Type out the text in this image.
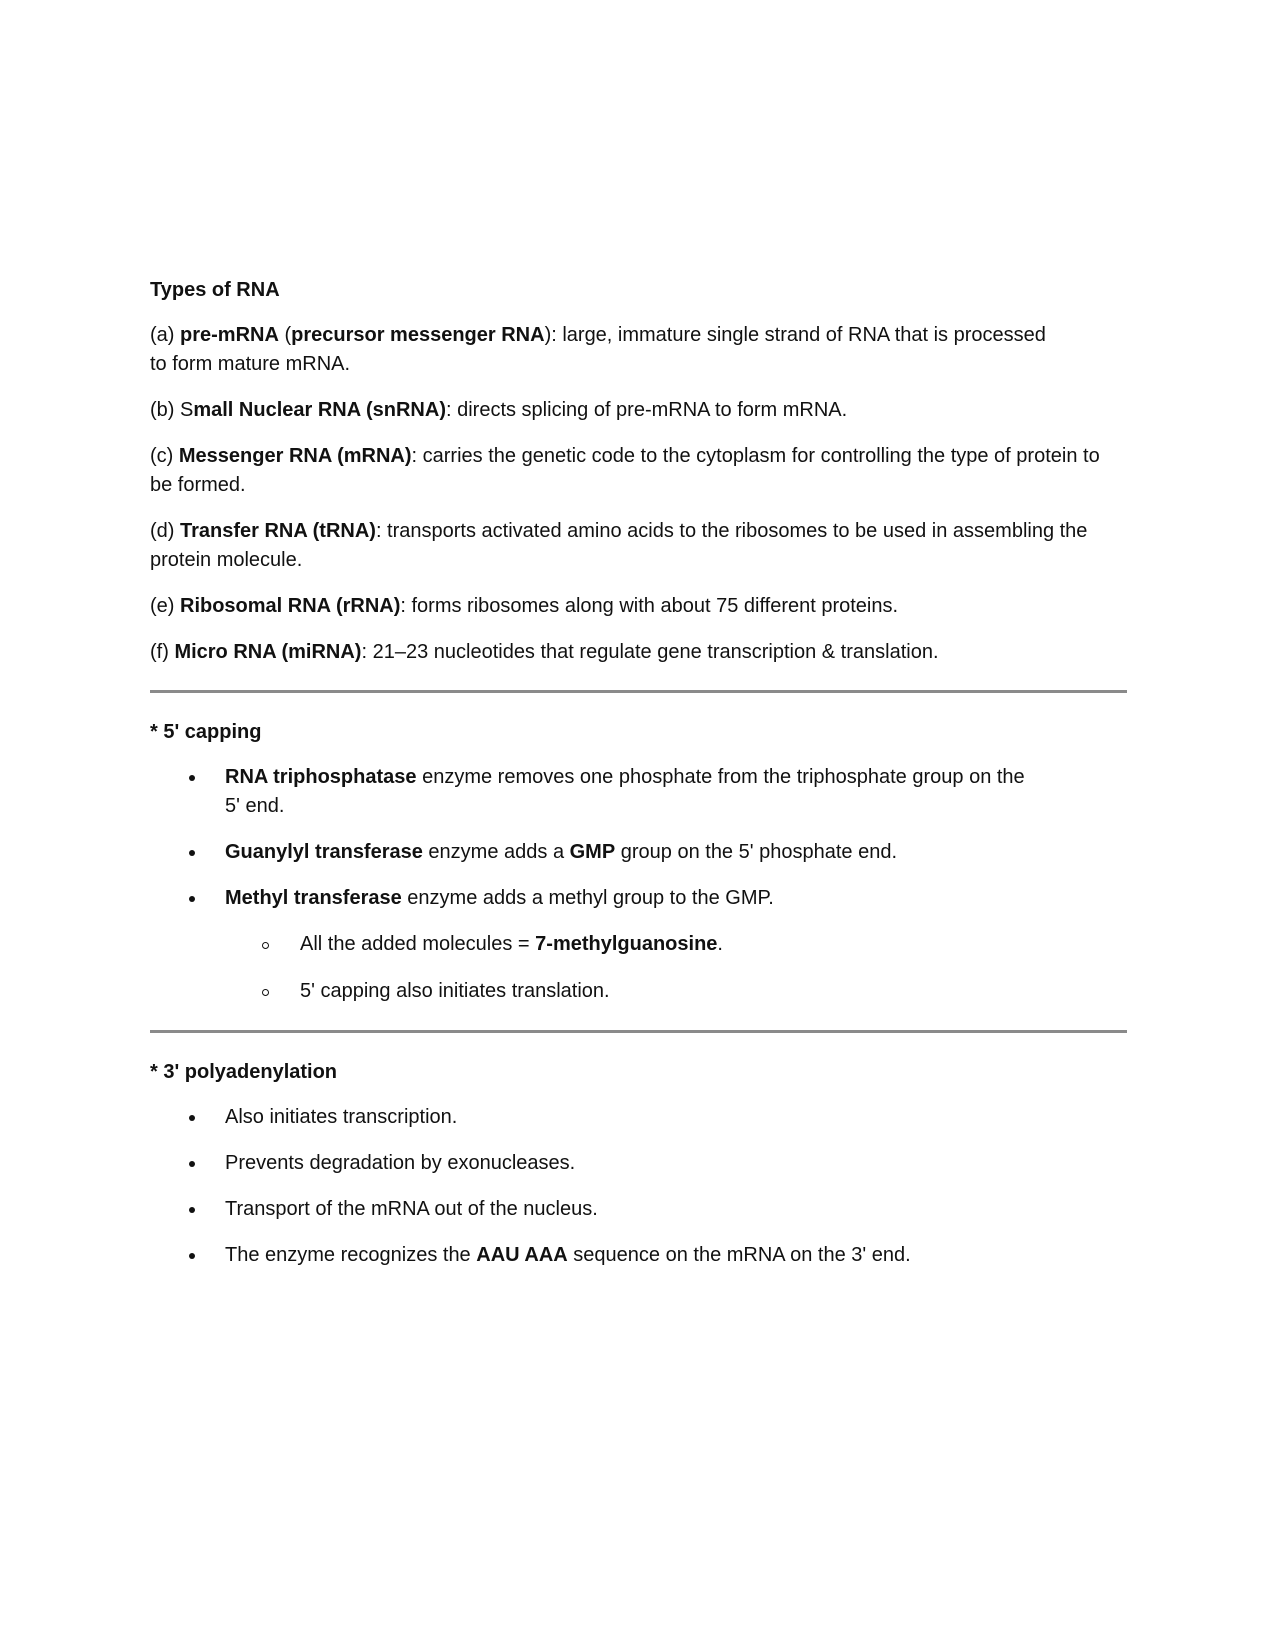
Types of RNA

(a) pre-mRNA (precursor messenger RNA): large, immature single strand of RNA that is processed to form mature mRNA.

(b) Small Nuclear RNA (snRNA): directs splicing of pre-mRNA to form mRNA.

(c) Messenger RNA (mRNA): carries the genetic code to the cytoplasm for controlling the type of protein to be formed.

(d) Transfer RNA (tRNA): transports activated amino acids to the ribosomes to be used in assembling the protein molecule.

(e) Ribosomal RNA (rRNA): forms ribosomes along with about 75 different proteins.

(f) Micro RNA (miRNA): 21–23 nucleotides that regulate gene transcription & translation.

* 5' capping

RNA triphosphatase enzyme removes one phosphate from the triphosphate group on the 5' end.
Guanylyl transferase enzyme adds a GMP group on the 5' phosphate end.
Methyl transferase enzyme adds a methyl group to the GMP.
All the added molecules = 7-methylguanosine.
5' capping also initiates translation.

* 3' polyadenylation

Also initiates transcription.
Prevents degradation by exonucleases.
Transport of the mRNA out of the nucleus.
The enzyme recognizes the AAU AAA sequence on the mRNA on the 3' end.
